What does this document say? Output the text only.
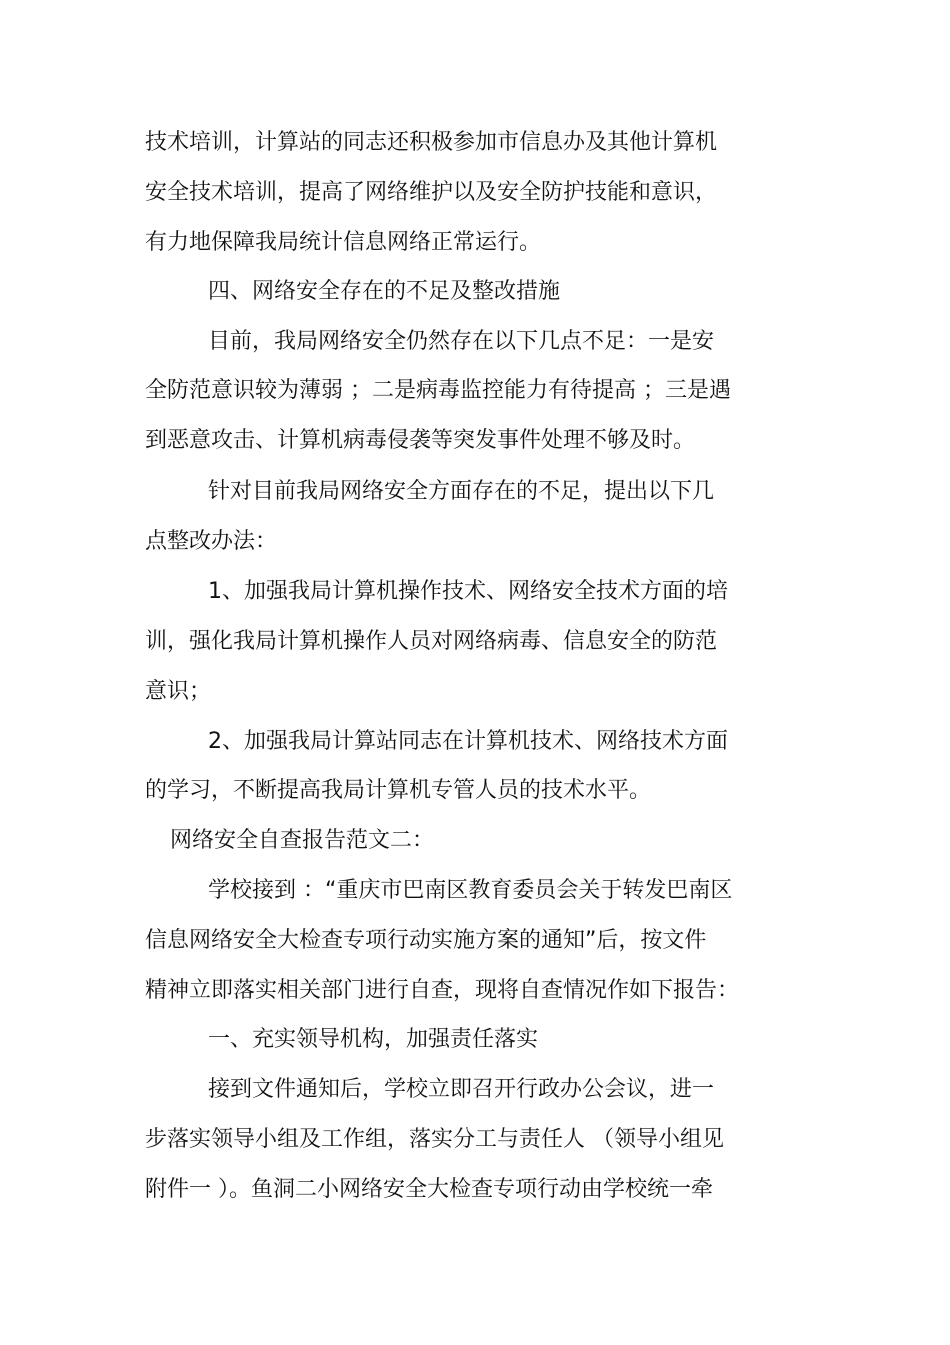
技术培训，计算站的同志还积极参加市信息办及其他计算机
安全技术培训，提高了网络维护以及安全防护技能和意识，
有力地保障我局统计信息网络正常运行。
四、网络安全存在的不足及整改措施
目前，我局网络安全仍然存在以下几点不足：一是安
全防范意识较为薄弱 ；二是病毒监控能力有待提高 ；三是遇
到恶意攻击、计算机病毒侵袭等突发事件处理不够及时。
针对目前我局网络安全方面存在的不足，提出以下几
点整改办法：
1、加强我局计算机操作技术、网络安全技术方面的培
训，强化我局计算机操作人员对网络病毒、信息安全的防范
意识；
2、加强我局计算站同志在计算机技术、网络技术方面
的学习，不断提高我局计算机专管人员的技术水平。
网络安全自查报告范文二：
学校接到 ：“重庆市巴南区教育委员会关于转发巴南区
信息网络安全大检查专项行动实施方案的通知”后，按文件
精神立即落实相关部门进行自查，现将自查情况作如下报告：
一、充实领导机构，加强责任落实
接到文件通知后，学校立即召开行政办公会议，进一
步落实领导小组及工作组，落实分工与责任人 （领导小组见
附件一 ）。鱼洞二小网络安全大检查专项行动由学校统一牵
